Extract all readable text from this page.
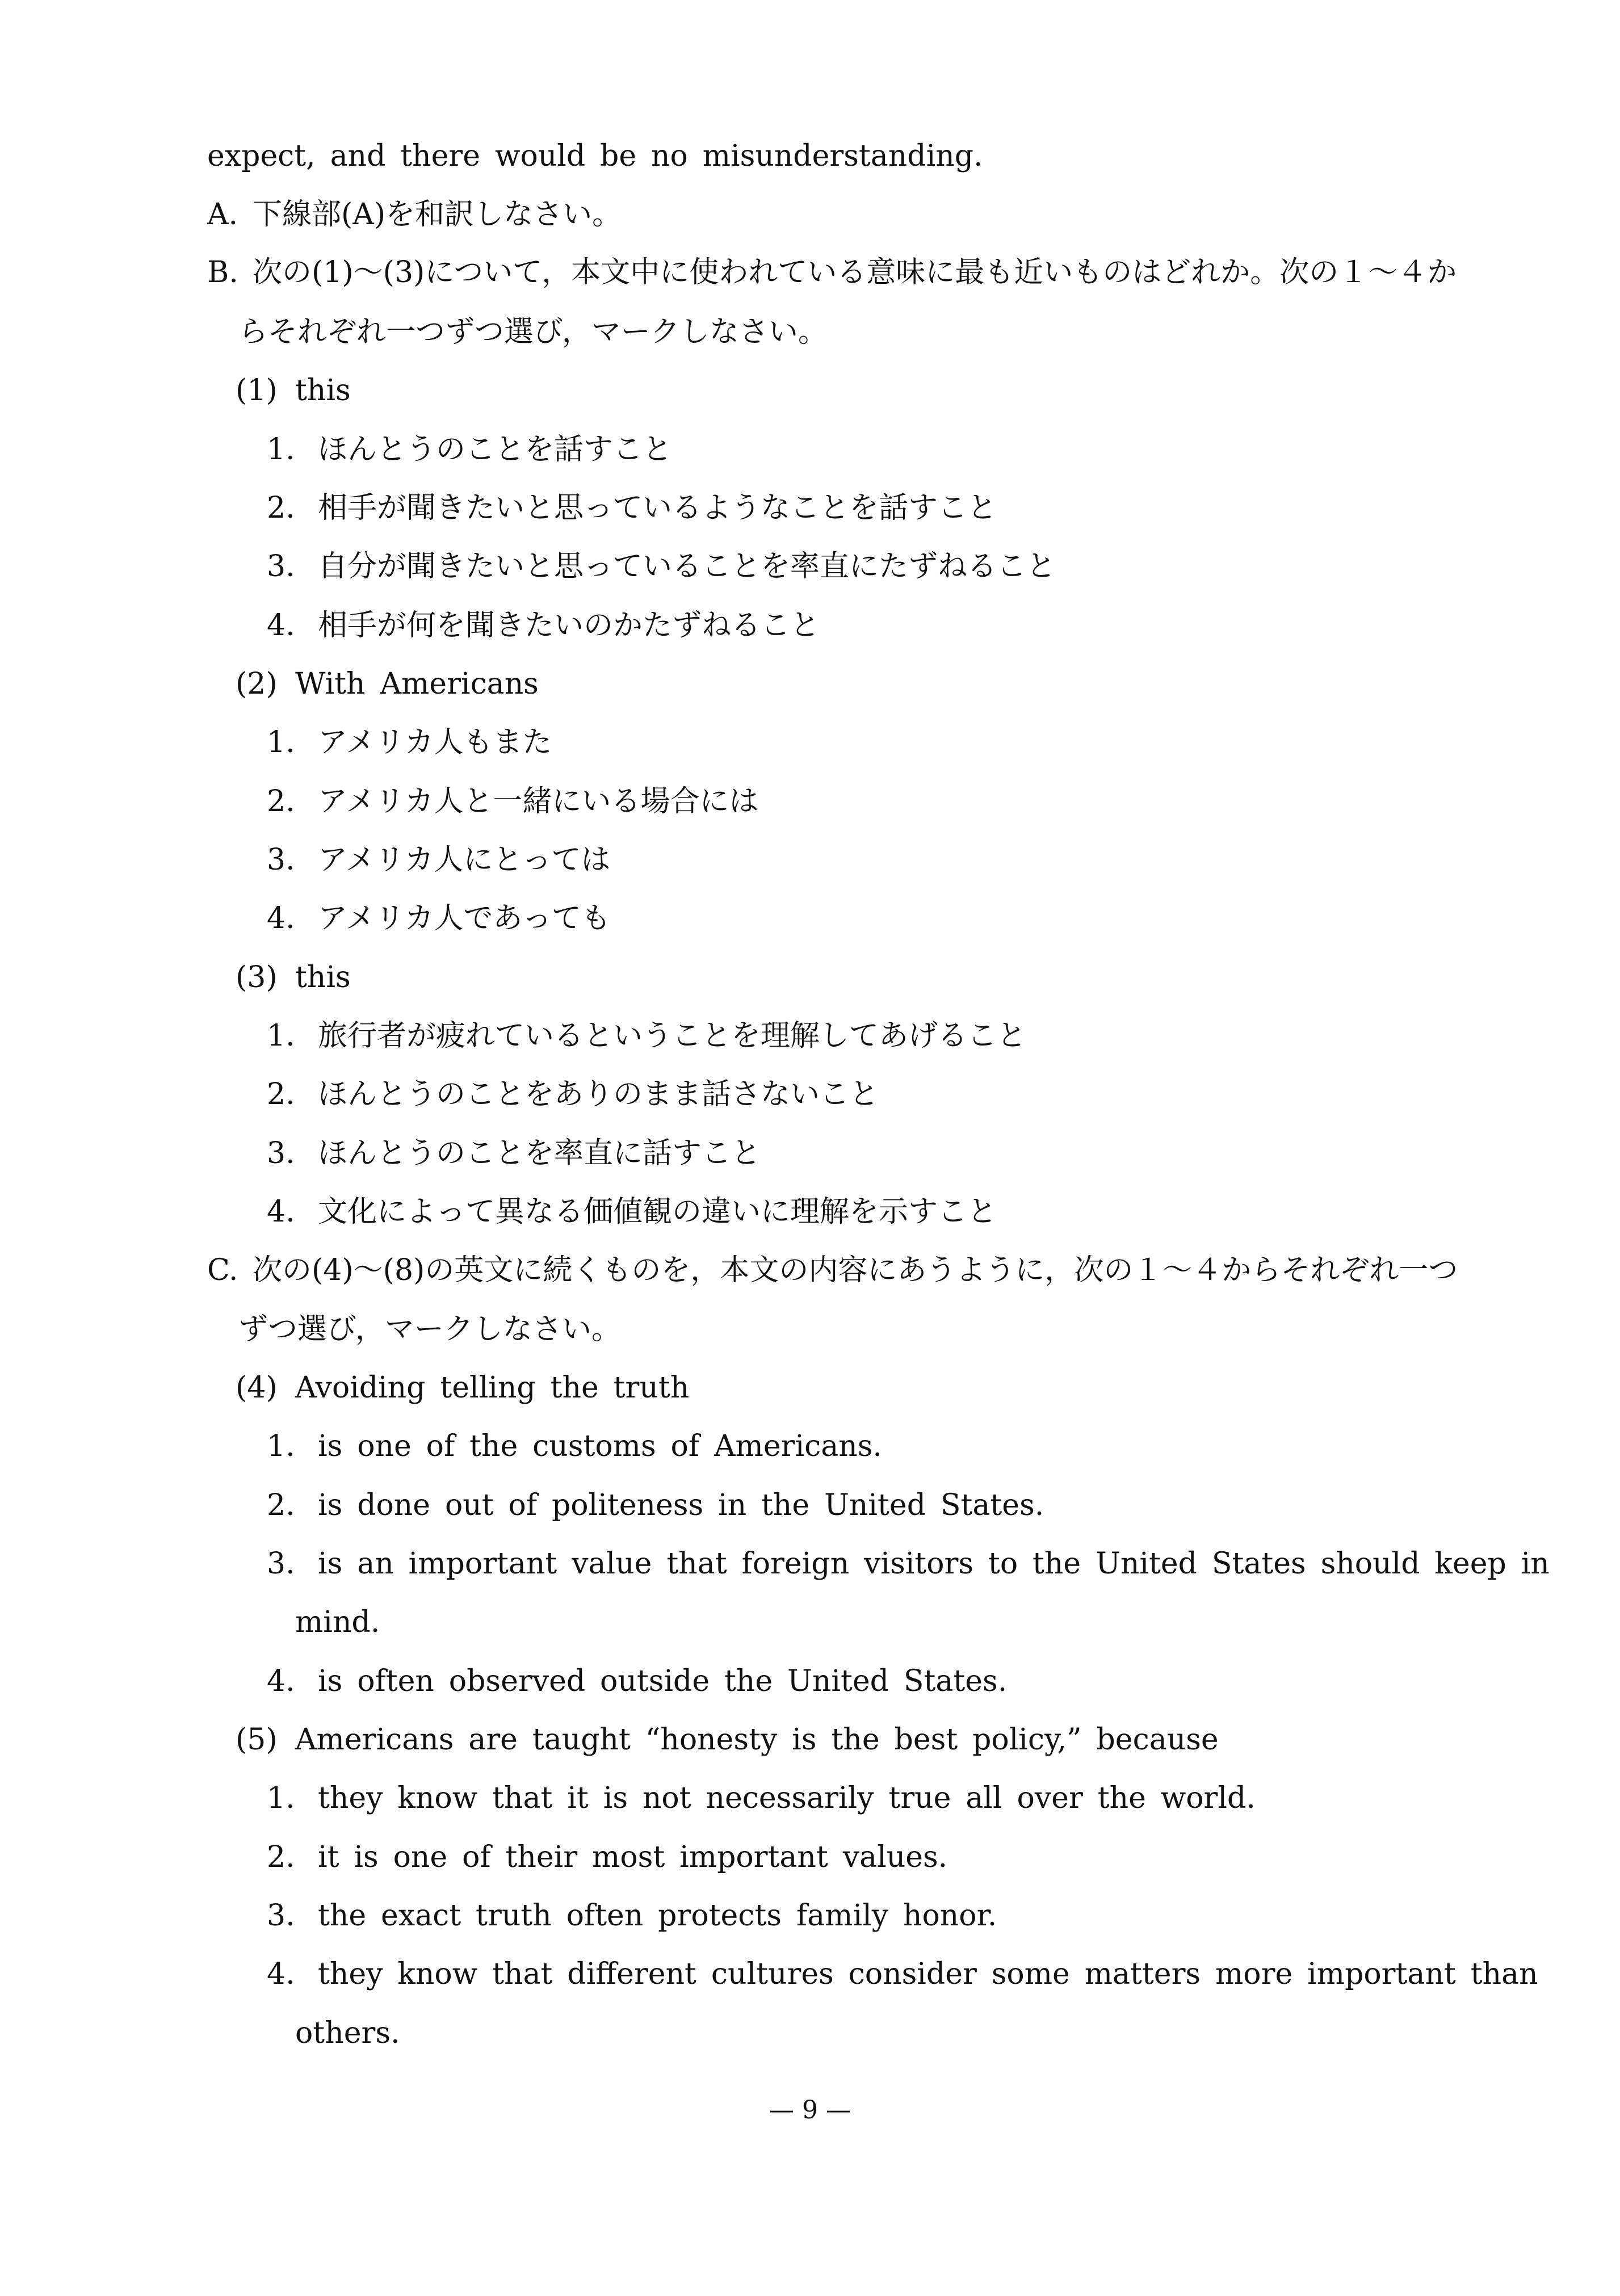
expect, and there would be no misunderstanding.
A. 下線部(A)を和訳しなさい。
B. 次の(1)～(3)について，本文中に使われている意味に最も近いものはどれか。次の１～４か
らそれぞれ一つずつ選び，マークしなさい。
(1) this
1. ほんとうのことを話すこと
2. 相手が聞きたいと思っているようなことを話すこと
3. 自分が聞きたいと思っていることを率直にたずねること
4. 相手が何を聞きたいのかたずねること
(2) With Americans
1. アメリカ人もまた
2. アメリカ人と一緒にいる場合には
3. アメリカ人にとっては
4. アメリカ人であっても
(3) this
1. 旅行者が疲れているということを理解してあげること
2. ほんとうのことをありのまま話さないこと
3. ほんとうのことを率直に話すこと
4. 文化によって異なる価値観の違いに理解を示すこと
C. 次の(4)～(8)の英文に続くものを，本文の内容にあうように，次の１～４からそれぞれ一つ
ずつ選び，マークしなさい。
(4) Avoiding telling the truth
1. is one of the customs of Americans.
2. is done out of politeness in the United States.
3. is an important value that foreign visitors to the United States should keep in
mind.
4. is often observed outside the United States.
(5) Americans are taught “honesty is the best policy,” because
1. they know that it is not necessarily true all over the world.
2. it is one of their most important values.
3. the exact truth often protects family honor.
4. they know that different cultures consider some matters more important than
others.
— 9 —
